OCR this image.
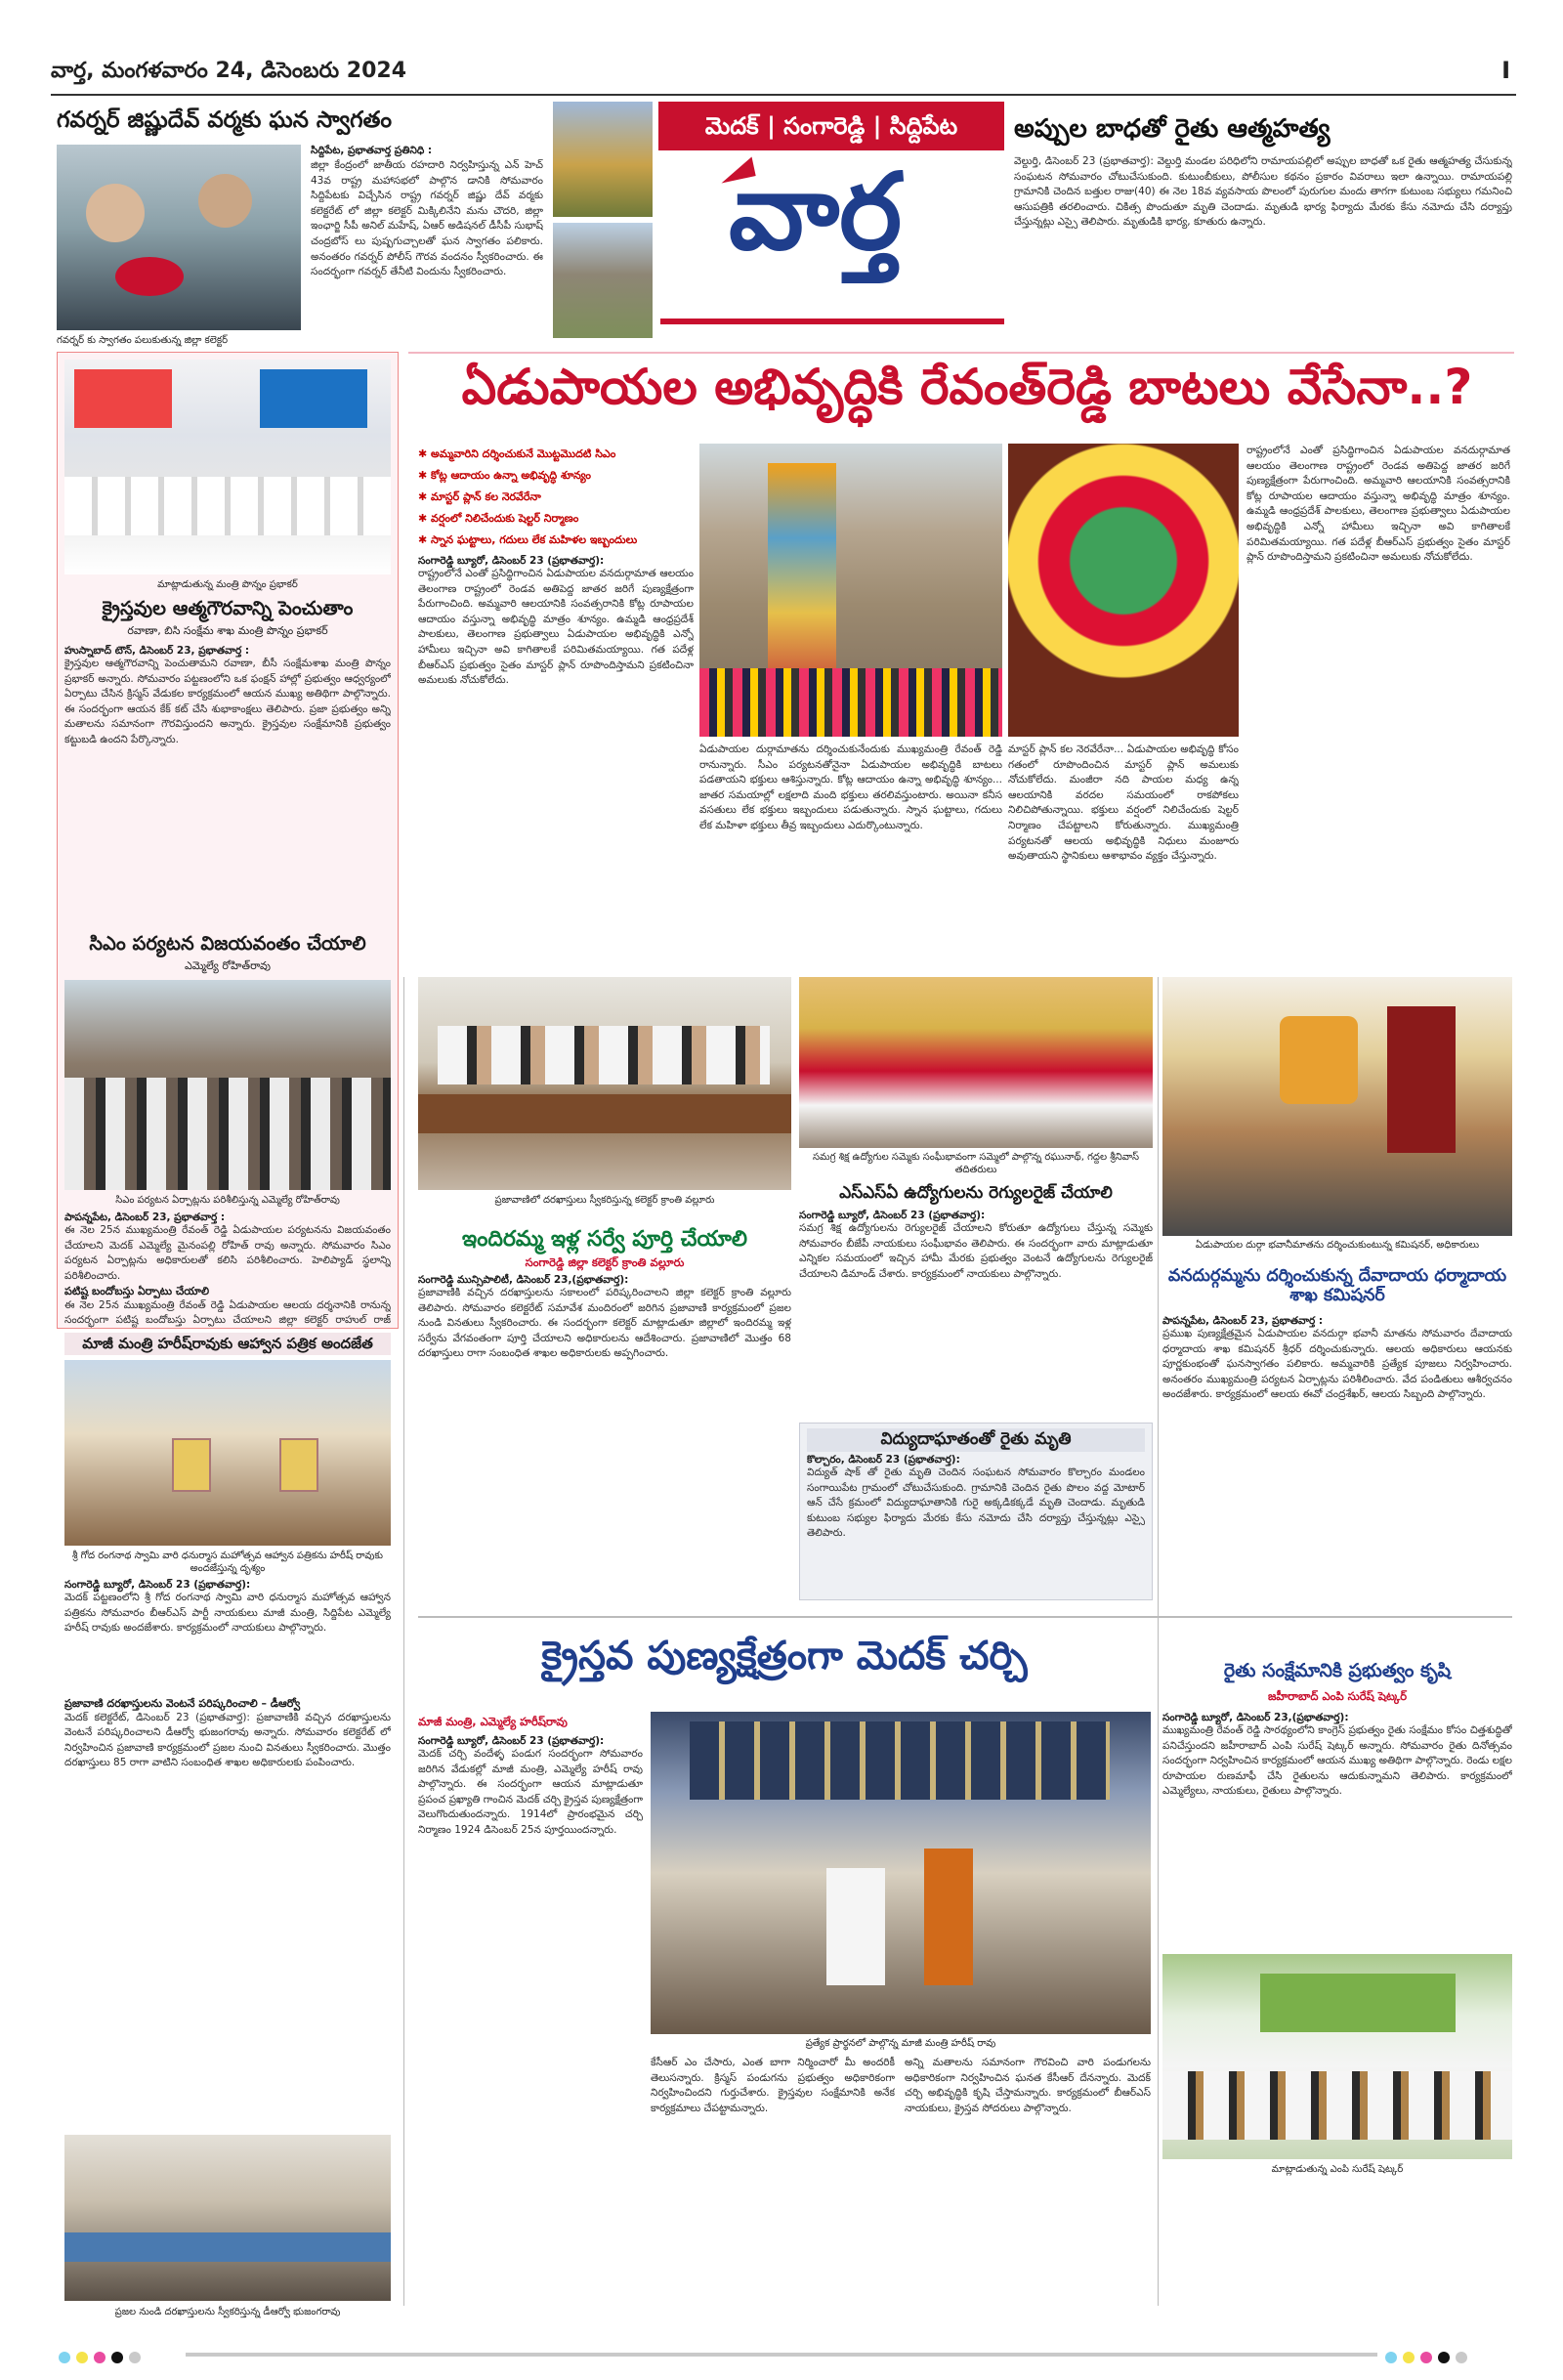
వార్త, మంగళవారం 24, డిసెంబరు 2024	I
గవర్నర్ జిష్ణుదేవ్ వర్మకు ఘన స్వాగతం
గవర్నర్ కు స్వాగతం పలుకుతున్న జిల్లా కలెక్టర్
సిద్దిపేట, ప్రభాతవార్త ప్రతినిధి :
జిల్లా కేంద్రంలో జాతీయ రహదారి నిర్వహిస్తున్న ఎన్ హెచ్ 43వ రాష్ట్ర మహాసభలో పాల్గొన డానికి సోమవారం సిద్దిపేటకు విచ్చేసిన రాష్ట్ర గవర్నర్ జిష్ణు దేవ్ వర్మకు కలెక్టరేట్ లో జిల్లా కలెక్టర్ మిక్కిలినేని మను చౌదరి, జిల్లా ఇంఛార్జి సీపీ అనిల్ మహేష్, ఏఆర్ అడిషనల్ డీసీపీ సుభాష్ చంద్రబోస్ లు పుష్పగుచ్చాలతో ఘన స్వాగతం పలికారు. అనంతరం గవర్నర్ పోలీస్ గౌరవ వందనం స్వీకరించారు. ఈ సందర్భంగా గవర్నర్ తేనీటి విందును స్వీకరించారు.
మెదక్ | సంగారెడ్డి | సిద్దిపేట
వార్త
అప్పుల బాధతో రైతు ఆత్మహత్య
వెల్దుర్తి, డిసెంబర్ 23 (ప్రభాతవార్త): వెల్దుర్తి మండల పరిధిలోని రామాయపల్లిలో అప్పుల బాధతో ఒక రైతు ఆత్మహత్య చేసుకున్న సంఘటన సోమవారం చోటుచేసుకుంది. కుటుంబీకులు, పోలీసుల కథనం ప్రకారం వివరాలు ఇలా ఉన్నాయి. రామాయపల్లి గ్రామానికి చెందిన బత్తుల రాజు(40) ఈ నెల 18వ వ్యవసాయ పొలంలో పురుగుల మందు తాగగా కుటుంబ సభ్యులు గమనించి ఆసుపత్రికి తరలించారు. చికిత్స పొందుతూ మృతి చెందాడు. మృతుడి భార్య ఫిర్యాదు మేరకు కేసు నమోదు చేసి దర్యాప్తు చేస్తున్నట్లు ఎస్సై తెలిపారు. మృతుడికి భార్య, కూతురు ఉన్నారు.
మాట్లాడుతున్న మంత్రి పొన్నం ప్రభాకర్
క్రైస్తవుల ఆత్మగౌరవాన్ని పెంచుతాం
రవాణా, బిసి సంక్షేమ శాఖ మంత్రి పొన్నం ప్రభాకర్
హుస్నాబాద్ టౌన్, డిసెంబర్ 23, ప్రభాతవార్త :
క్రైస్తవుల ఆత్మగౌరవాన్ని పెంచుతామని రవాణా, బీసీ సంక్షేమశాఖ మంత్రి పొన్నం ప్రభాకర్ అన్నారు. సోమవారం పట్టణంలోని ఒక ఫంక్షన్ హాల్లో ప్రభుత్వం ఆధ్వర్యంలో ఏర్పాటు చేసిన క్రిస్మస్ వేడుకల కార్యక్రమంలో ఆయన ముఖ్య అతిథిగా పాల్గొన్నారు. ఈ సందర్భంగా ఆయన కేక్ కట్ చేసి శుభాకాంక్షలు తెలిపారు. ప్రజా ప్రభుత్వం అన్ని మతాలను సమానంగా గౌరవిస్తుందని అన్నారు. క్రైస్తవుల సంక్షేమానికి ప్రభుత్వం కట్టుబడి ఉందని పేర్కొన్నారు.
సిఎం పర్యటన విజయవంతం చేయాలి
ఎమ్మెల్యే రోహిత్‌రావు
సిఎం పర్యటన ఏర్పాట్లను పరిశీలిస్తున్న ఎమ్మెల్యే రోహిత్‌రావు
పాపన్నపేట, డిసెంబర్ 23, ప్రభాతవార్త :
ఈ నెల 25న ముఖ్యమంత్రి రేవంత్ రెడ్డి ఏడుపాయల పర్యటనను విజయవంతం చేయాలని మెదక్ ఎమ్మెల్యే మైనంపల్లి రోహిత్ రావు అన్నారు. సోమవారం సిఎం పర్యటన ఏర్పాట్లను అధికారులతో కలిసి పరిశీలించారు. హెలిప్యాడ్ స్థలాన్ని పరిశీలించారు.
పటిష్ట బందోబస్తు ఏర్పాటు చేయాలి
ఈ నెల 25న ముఖ్యమంత్రి రేవంత్ రెడ్డి ఏడుపాయల ఆలయ దర్శనానికి రానున్న సందర్భంగా పటిష్ట బందోబస్తు ఏర్పాటు చేయాలని జిల్లా కలెక్టర్ రాహుల్ రాజ్
ఏడుపాయల అభివృద్ధికి రేవంత్‌రెడ్డి బాటలు వేసేనా..?
✱ అమ్మవారిని దర్శించుకునే మొట్టమొదటి సిఎం
✱ కోట్ల ఆదాయం ఉన్నా అభివృద్ధి శూన్యం
✱ మాస్టర్ ప్లాన్ కల నెరవేరేనా
✱ వర్షంలో నిలిచేందుకు షెల్టర్ నిర్మాణం
✱ స్నాన ఘట్టాలు, గదులు లేక మహిళల ఇబ్బందులు
సంగారెడ్డి బ్యూరో, డిసెంబర్ 23 (ప్రభాతవార్త):
రాష్ట్రంలోనే ఎంతో ప్రసిద్ధిగాంచిన ఏడుపాయల వనదుర్గామాత ఆలయం తెలంగాణ రాష్ట్రంలో రెండవ అతిపెద్ద జాతర జరిగే పుణ్యక్షేత్రంగా పేరుగాంచింది. అమ్మవారి ఆలయానికి సంవత్సరానికి కోట్ల రూపాయల ఆదాయం వస్తున్నా అభివృద్ధి మాత్రం శూన్యం. ఉమ్మడి ఆంధ్రప్రదేశ్ పాలకులు, తెలంగాణ ప్రభుత్వాలు ఏడుపాయల అభివృద్ధికి ఎన్నో హామీలు ఇచ్చినా అవి కాగితాలకే పరిమితమయ్యాయి. గత పదేళ్ల బీఆర్ఎస్ ప్రభుత్వం సైతం మాస్టర్ ప్లాన్ రూపొందిస్తామని ప్రకటించినా అమలుకు నోచుకోలేదు.
ఏడుపాయల దుర్గామాతను దర్శించుకునేందుకు ముఖ్యమంత్రి రేవంత్ రెడ్డి రానున్నారు. సీఎం పర్యటనతోనైనా ఏడుపాయల అభివృద్ధికి బాటలు పడతాయని భక్తులు ఆశిస్తున్నారు. కోట్ల ఆదాయం ఉన్నా అభివృద్ధి శూన్యం... జాతర సమయాల్లో లక్షలాది మంది భక్తులు తరలివస్తుంటారు. అయినా కనీస వసతులు లేక భక్తులు ఇబ్బందులు పడుతున్నారు. స్నాన ఘట్టాలు, గదులు లేక మహిళా భక్తులు తీవ్ర ఇబ్బందులు ఎదుర్కొంటున్నారు.
మాస్టర్ ప్లాన్ కల నెరవేరేనా... ఏడుపాయల అభివృద్ధి కోసం గతంలో రూపొందించిన మాస్టర్ ప్లాన్ అమలుకు నోచుకోలేదు. మంజీరా నది పాయల మధ్య ఉన్న ఆలయానికి వరదల సమయంలో రాకపోకలు నిలిచిపోతున్నాయి. భక్తులు వర్షంలో నిలిచేందుకు షెల్టర్ నిర్మాణం చేపట్టాలని కోరుతున్నారు. ముఖ్యమంత్రి పర్యటనతో ఆలయ అభివృద్ధికి నిధులు మంజూరు అవుతాయని స్థానికులు ఆశాభావం వ్యక్తం చేస్తున్నారు.
రాష్ట్రంలోనే ఎంతో ప్రసిద్ధిగాంచిన ఏడుపాయల వనదుర్గామాత ఆలయం తెలంగాణ రాష్ట్రంలో రెండవ అతిపెద్ద జాతర జరిగే పుణ్యక్షేత్రంగా పేరుగాంచింది. అమ్మవారి ఆలయానికి సంవత్సరానికి కోట్ల రూపాయల ఆదాయం వస్తున్నా అభివృద్ధి మాత్రం శూన్యం. ఉమ్మడి ఆంధ్రప్రదేశ్ పాలకులు, తెలంగాణ ప్రభుత్వాలు ఏడుపాయల అభివృద్ధికి ఎన్నో హామీలు ఇచ్చినా అవి కాగితాలకే పరిమితమయ్యాయి. గత పదేళ్ల బీఆర్ఎస్ ప్రభుత్వం సైతం మాస్టర్ ప్లాన్ రూపొందిస్తామని ప్రకటించినా అమలుకు నోచుకోలేదు.
ప్రజావాణిలో దరఖాస్తులు స్వీకరిస్తున్న కలెక్టర్ క్రాంతి వల్లూరు
సమగ్ర శిక్ష ఉద్యోగుల సమ్మెకు సంఘీభావంగా సమ్మెలో పాల్గొన్న రఘునాథ్, గద్దల శ్రీనివాస్ తదితరులు
ఏడుపాయల దుర్గా భవానీమాతను దర్శించుకుంటున్న కమిషనర్, అధికారులు
ఇందిరమ్మ ఇళ్ల సర్వే పూర్తి చేయాలి
సంగారెడ్డి జిల్లా కలెక్టర్ క్రాంతి వల్లూరు
సంగారెడ్డి మున్సిపాలిటీ, డిసెంబర్ 23,(ప్రభాతవార్త):
ప్రజావాణికి వచ్చిన దరఖాస్తులను సకాలంలో పరిష్కరించాలని జిల్లా కలెక్టర్ క్రాంతి వల్లూరు తెలిపారు. సోమవారం కలెక్టరేట్ సమావేశ మందిరంలో జరిగిన ప్రజావాణి కార్యక్రమంలో ప్రజల నుండి వినతులు స్వీకరించారు. ఈ సందర్భంగా కలెక్టర్ మాట్లాడుతూ జిల్లాలో ఇందిరమ్మ ఇళ్ల సర్వేను వేగవంతంగా పూర్తి చేయాలని అధికారులను ఆదేశించారు. ప్రజావాణిలో మొత్తం 68 దరఖాస్తులు రాగా సంబంధిత శాఖల అధికారులకు అప్పగించారు.
ఎస్ఎస్ఏ ఉద్యోగులను రెగ్యులరైజ్ చేయాలి
సంగారెడ్డి బ్యూరో, డిసెంబర్ 23 (ప్రభాతవార్త):
సమగ్ర శిక్ష ఉద్యోగులను రెగ్యులరైజ్ చేయాలని కోరుతూ ఉద్యోగులు చేస్తున్న సమ్మెకు సోమవారం బీజేపీ నాయకులు సంఘీభావం తెలిపారు. ఈ సందర్భంగా వారు మాట్లాడుతూ ఎన్నికల సమయంలో ఇచ్చిన హామీ మేరకు ప్రభుత్వం వెంటనే ఉద్యోగులను రెగ్యులరైజ్ చేయాలని డిమాండ్ చేశారు. కార్యక్రమంలో నాయకులు పాల్గొన్నారు.
విద్యుదాఘాతంతో రైతు మృతి
కొల్చారం, డిసెంబర్ 23 (ప్రభాతవార్త):
విద్యుత్ షాక్ తో రైతు మృతి చెందిన సంఘటన సోమవారం కొల్చారం మండలం సంగాయిపేట గ్రామంలో చోటుచేసుకుంది. గ్రామానికి చెందిన రైతు పొలం వద్ద మోటార్ ఆన్ చేసే క్రమంలో విద్యుదాఘాతానికి గురై అక్కడికక్కడే మృతి చెందాడు. మృతుడి కుటుంబ సభ్యుల ఫిర్యాదు మేరకు కేసు నమోదు చేసి దర్యాప్తు చేస్తున్నట్లు ఎస్సై తెలిపారు.
వనదుర్గమ్మను దర్శించుకున్న దేవాదాయ ధర్మాదాయ శాఖ కమిషనర్
పాపన్నపేట, డిసెంబర్ 23, ప్రభాతవార్త :
ప్రముఖ పుణ్యక్షేత్రమైన ఏడుపాయల వనదుర్గా భవానీ మాతను సోమవారం దేవాదాయ ధర్మాదాయ శాఖ కమిషనర్ శ్రీధర్ దర్శించుకున్నారు. ఆలయ అధికారులు ఆయనకు పూర్ణకుంభంతో ఘనస్వాగతం పలికారు. అమ్మవారికి ప్రత్యేక పూజలు నిర్వహించారు. అనంతరం ముఖ్యమంత్రి పర్యటన ఏర్పాట్లను పరిశీలించారు. వేద పండితులు ఆశీర్వచనం అందజేశారు. కార్యక్రమంలో ఆలయ ఈవో చంద్రశేఖర్, ఆలయ సిబ్బంది పాల్గొన్నారు.
మాజీ మంత్రి హరీష్‌రావుకు ఆహ్వాన పత్రిక అందజేత
శ్రీ గోద రంగనాథ స్వామి వారి ధనుర్మాస మహోత్సవ ఆహ్వాన పత్రికను హరీష్ రావుకు అందజేస్తున్న దృశ్యం
సంగారెడ్డి బ్యూరో, డిసెంబర్ 23 (ప్రభాతవార్త):
మెదక్ పట్టణంలోని శ్రీ గోద రంగనాథ స్వామి వారి ధనుర్మాస మహోత్సవ ఆహ్వాన పత్రికను సోమవారం బీఆర్ఎస్ పార్టీ నాయకులు మాజీ మంత్రి, సిద్దిపేట ఎమ్మెల్యే హరీష్ రావుకు అందజేశారు. కార్యక్రమంలో నాయకులు పాల్గొన్నారు.
ప్రజావాణి దరఖాస్తులను వెంటనే పరిష్కరించాలి – డీఆర్వో
మెదక్ కలెక్టరేట్, డిసెంబర్ 23 (ప్రభాతవార్త): ప్రజావాణికి వచ్చిన దరఖాస్తులను వెంటనే పరిష్కరించాలని డీఆర్వో భుజంగరావు అన్నారు. సోమవారం కలెక్టరేట్ లో నిర్వహించిన ప్రజావాణి కార్యక్రమంలో ప్రజల నుంచి వినతులు స్వీకరించారు. మొత్తం దరఖాస్తులు 85 రాగా వాటిని సంబంధిత శాఖల అధికారులకు పంపించారు.
ప్రజల నుండి దరఖాస్తులను స్వీకరిస్తున్న డీఆర్వో భుజంగరావు
క్రైస్తవ పుణ్యక్షేత్రంగా మెదక్ చర్చి
మాజీ మంత్రి, ఎమ్మెల్యే హరీష్‌రావు
సంగారెడ్డి బ్యూరో, డిసెంబర్ 23 (ప్రభాతవార్త):
మెదక్ చర్చి వందేళ్ళ పండుగ సందర్భంగా సోమవారం జరిగిన వేడుకల్లో మాజీ మంత్రి, ఎమ్మెల్యే హరీష్ రావు పాల్గొన్నారు. ఈ సందర్భంగా ఆయన మాట్లాడుతూ ప్రపంచ ప్రఖ్యాతి గాంచిన మెదక్ చర్చి క్రైస్తవ పుణ్యక్షేత్రంగా వెలుగొందుతుందన్నారు. 1914లో ప్రారంభమైన చర్చి నిర్మాణం 1924 డిసెంబర్ 25న పూర్తయిందన్నారు.
ప్రత్యేక ప్రార్థనలో పాల్గొన్న మాజీ మంత్రి హరీష్ రావు
కేసీఆర్ ఎం చేసారు, ఎంత బాగా నిర్మించారో మీ అందరికీ తెలుసన్నారు. క్రిస్మస్ పండుగను ప్రభుత్వం అధికారికంగా నిర్వహించిందని గుర్తుచేశారు. క్రైస్తవుల సంక్షేమానికి అనేక కార్యక్రమాలు చేపట్టామన్నారు.
అన్ని మతాలను సమానంగా గౌరవించి వారి పండుగలను అధికారికంగా నిర్వహించిన ఘనత కేసీఆర్ దేనన్నారు. మెదక్ చర్చి అభివృద్ధికి కృషి చేస్తామన్నారు. కార్యక్రమంలో బీఆర్ఎస్ నాయకులు, క్రైస్తవ సోదరులు పాల్గొన్నారు.
రైతు సంక్షేమానికి ప్రభుత్వం కృషి
జహీరాబాద్ ఎంపి సురేష్ షెట్కర్
సంగారెడ్డి బ్యూరో, డిసెంబర్ 23,(ప్రభాతవార్త):
ముఖ్యమంత్రి రేవంత్ రెడ్డి సారథ్యంలోని కాంగ్రెస్ ప్రభుత్వం రైతు సంక్షేమం కోసం చిత్తశుద్ధితో పనిచేస్తుందని జహీరాబాద్ ఎంపి సురేష్ షెట్కర్ అన్నారు. సోమవారం రైతు దినోత్సవం సందర్భంగా నిర్వహించిన కార్యక్రమంలో ఆయన ముఖ్య అతిథిగా పాల్గొన్నారు. రెండు లక్షల రూపాయల రుణమాఫీ చేసి రైతులను ఆదుకున్నామని తెలిపారు. కార్యక్రమంలో ఎమ్మెల్యేలు, నాయకులు, రైతులు పాల్గొన్నారు.
మాట్లాడుతున్న ఎంపి సురేష్ షెట్కర్
